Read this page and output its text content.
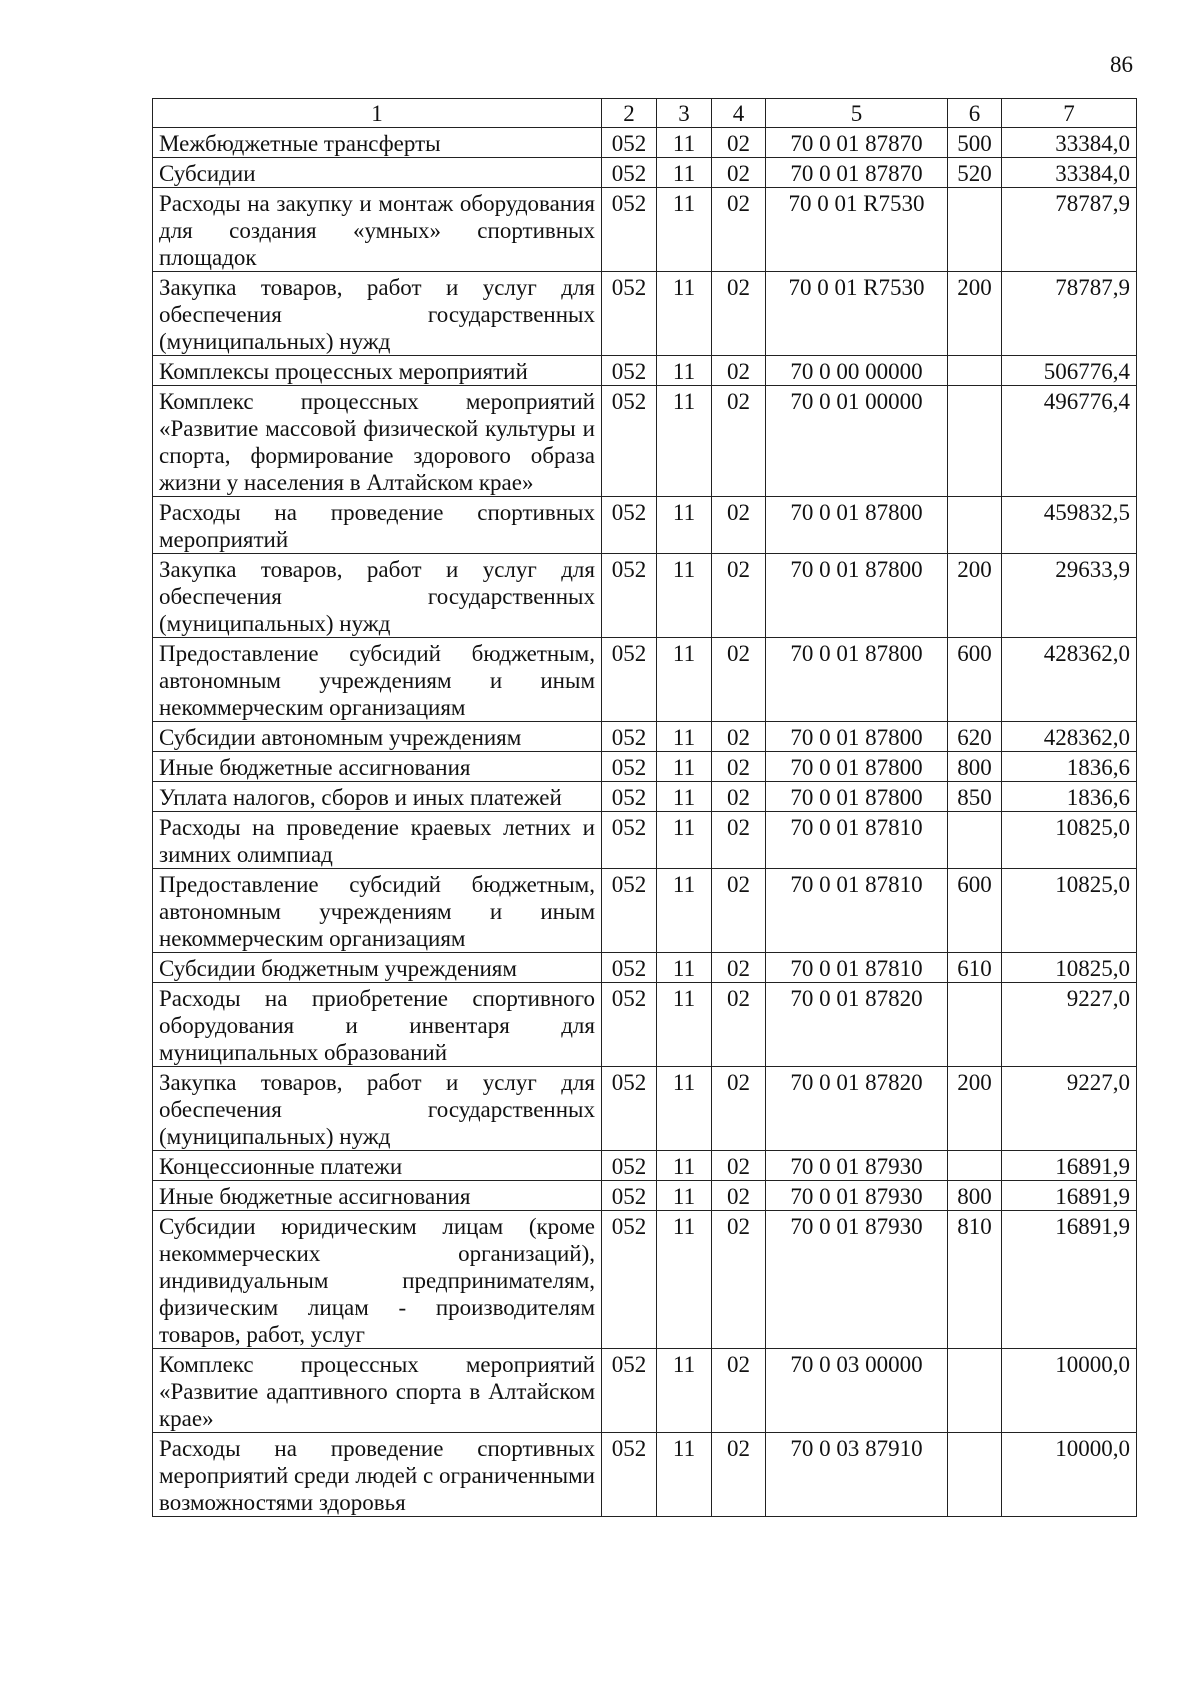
86
1	2	3	4	5	6	7
Межбюджетные трансферты	052	11	02	70 0 01 87870	500	33384,0
Субсидии	052	11	02	70 0 01 87870	520	33384,0
Расходы на закупку и монтаж оборудования для создания «умных» спортивных площадок	052	11	02	70 0 01 R7530		78787,9
Закупка товаров, работ и услуг для обеспечения государственных (муниципальных) нужд	052	11	02	70 0 01 R7530	200	78787,9
Комплексы процессных мероприятий	052	11	02	70 0 00 00000		506776,4
Комплекс процессных мероприятий «Развитие массовой физической культуры и спорта, формирование здорового образа жизни у населения в Алтайском крае»	052	11	02	70 0 01 00000		496776,4
Расходы на проведение спортивных мероприятий	052	11	02	70 0 01 87800		459832,5
Закупка товаров, работ и услуг для обеспечения государственных (муниципальных) нужд	052	11	02	70 0 01 87800	200	29633,9
Предоставление субсидий бюджетным, автономным учреждениям и иным некоммерческим организациям	052	11	02	70 0 01 87800	600	428362,0
Субсидии автономным учреждениям	052	11	02	70 0 01 87800	620	428362,0
Иные бюджетные ассигнования	052	11	02	70 0 01 87800	800	1836,6
Уплата налогов, сборов и иных платежей	052	11	02	70 0 01 87800	850	1836,6
Расходы на проведение краевых летних и зимних олимпиад	052	11	02	70 0 01 87810		10825,0
Предоставление субсидий бюджетным, автономным учреждениям и иным некоммерческим организациям	052	11	02	70 0 01 87810	600	10825,0
Субсидии бюджетным учреждениям	052	11	02	70 0 01 87810	610	10825,0
Расходы на приобретение спортивного оборудования и инвентаря для муниципальных образований	052	11	02	70 0 01 87820		9227,0
Закупка товаров, работ и услуг для обеспечения государственных (муниципальных) нужд	052	11	02	70 0 01 87820	200	9227,0
Концессионные платежи	052	11	02	70 0 01 87930		16891,9
Иные бюджетные ассигнования	052	11	02	70 0 01 87930	800	16891,9
Субсидии юридическим лицам (кроме некоммерческих организаций), индивидуальным предпринимателям, физическим лицам - производителям товаров, работ, услуг	052	11	02	70 0 01 87930	810	16891,9
Комплекс процессных мероприятий «Развитие адаптивного спорта в Алтайском крае»	052	11	02	70 0 03 00000		10000,0
Расходы на проведение спортивных мероприятий среди людей с ограниченными возможностями здоровья	052	11	02	70 0 03 87910		10000,0
